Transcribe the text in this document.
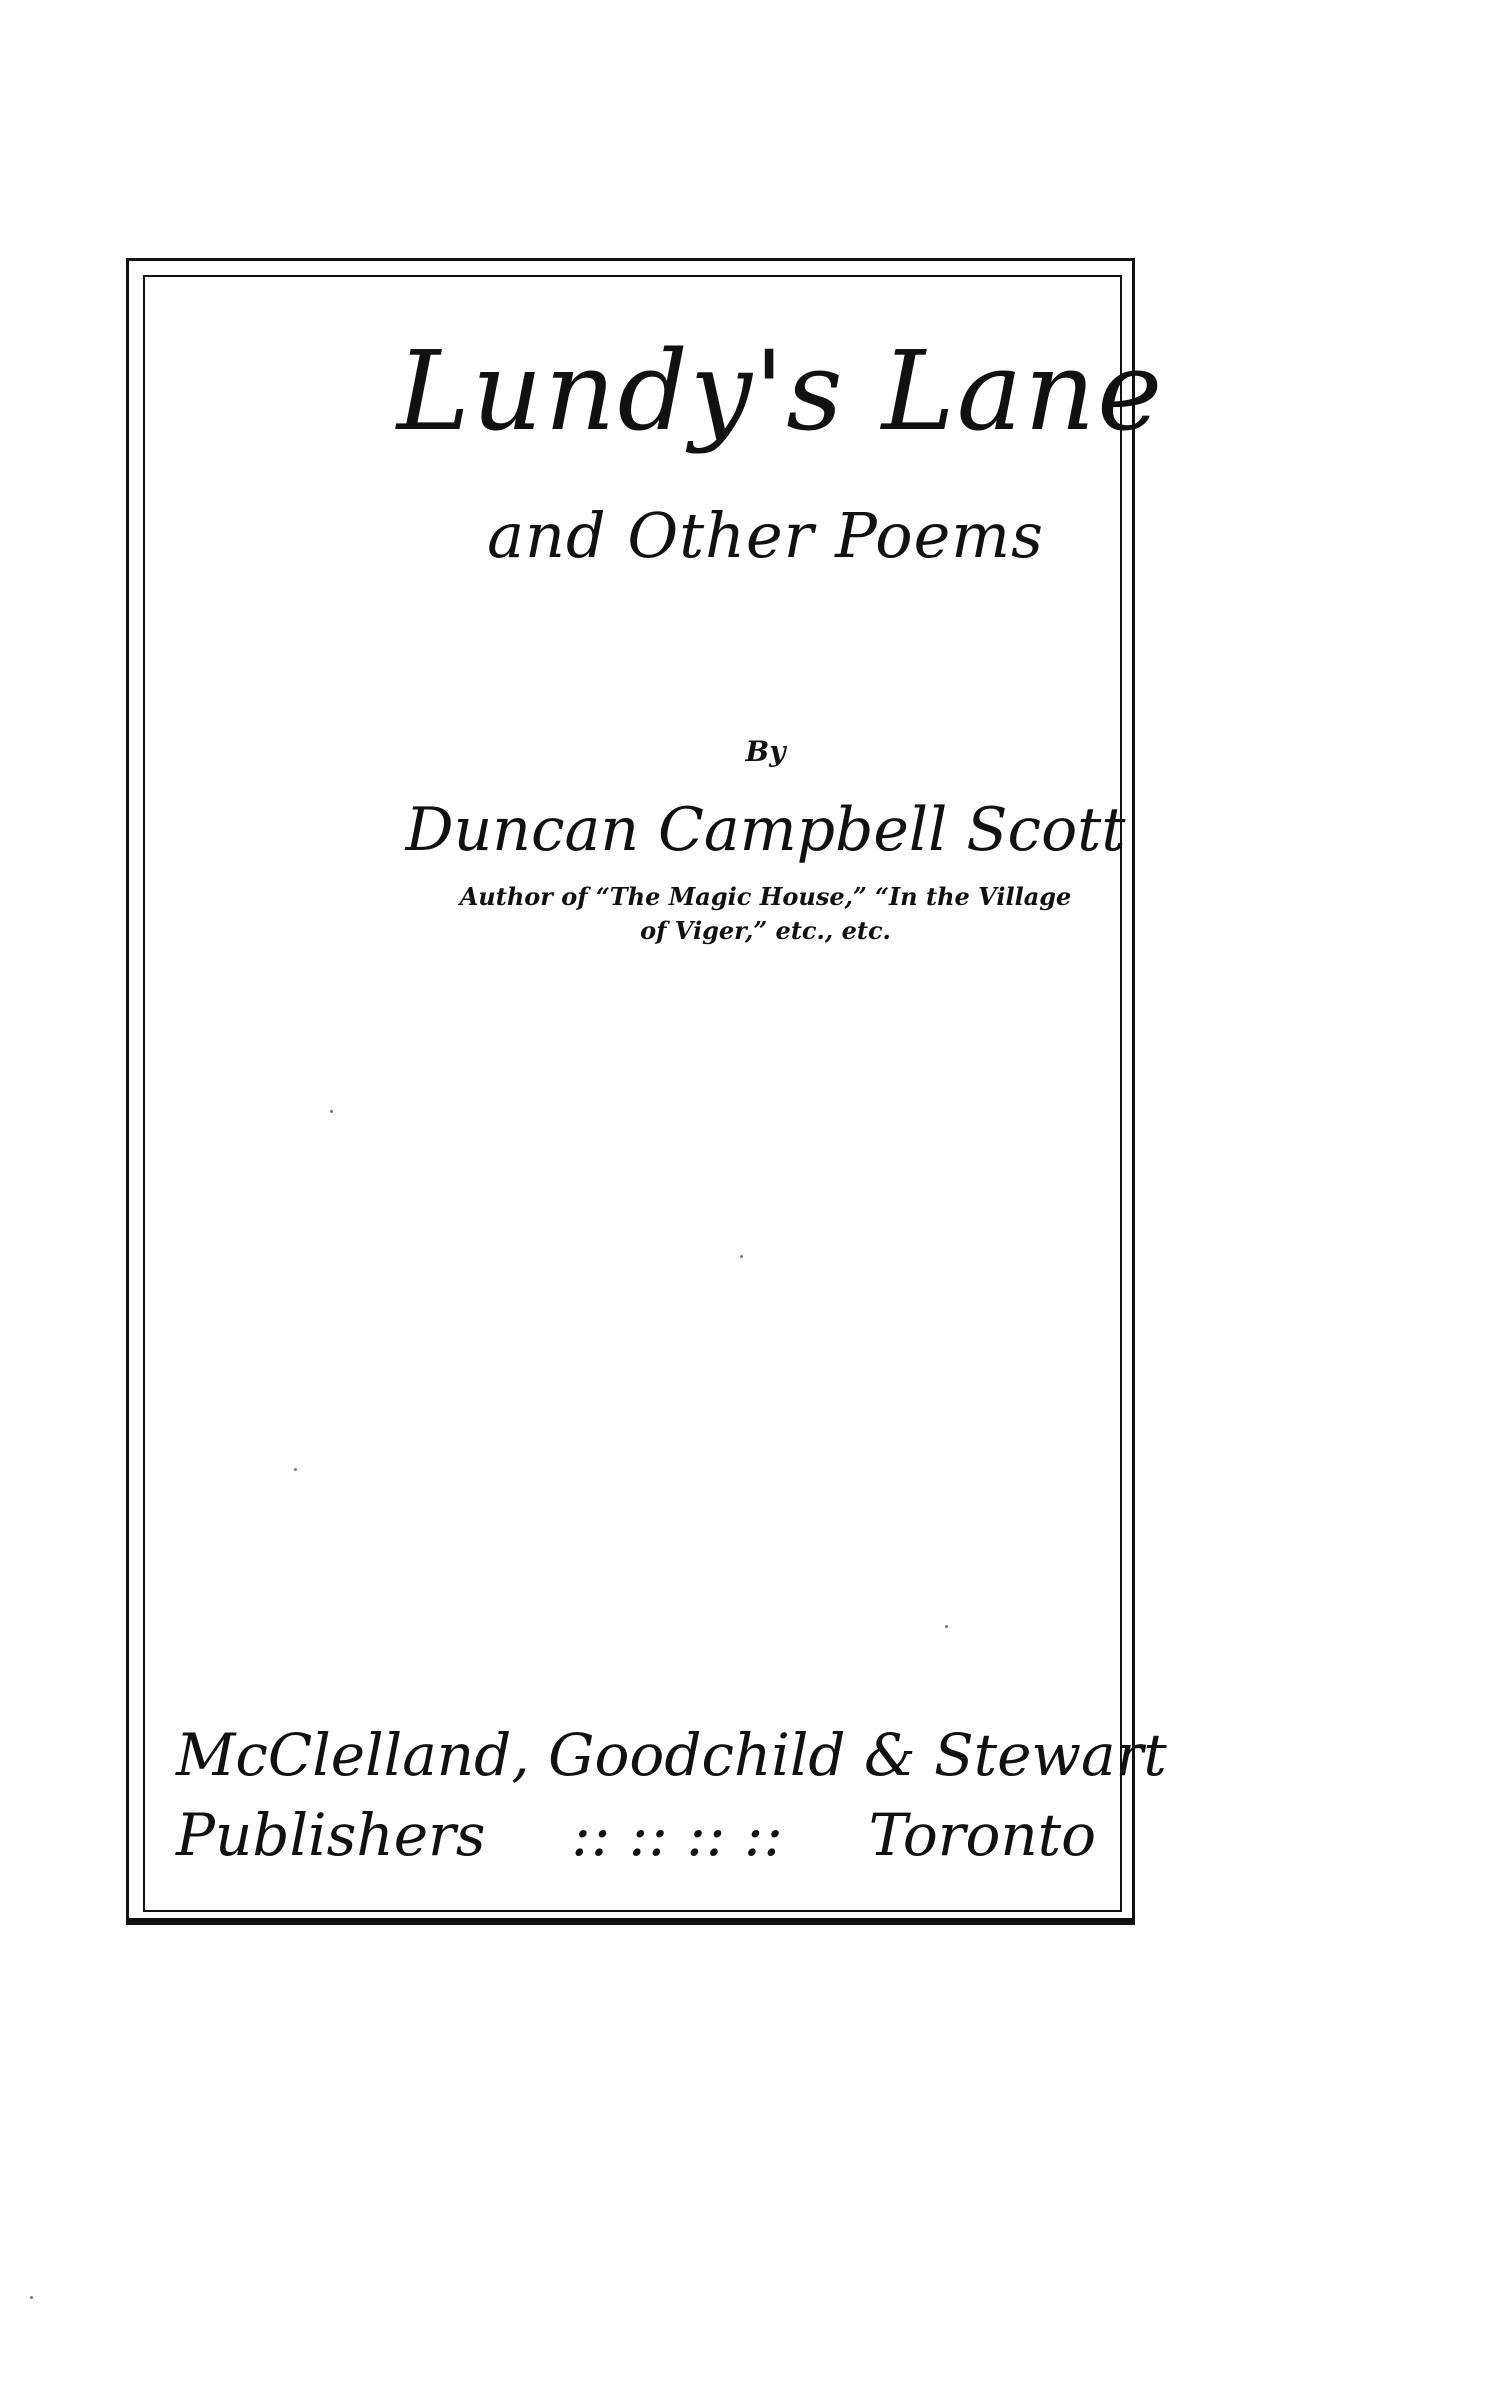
Lundy's Lane
and Other Poems
By
Duncan Campbell Scott
Author of “The Magic House,” “In the Village
of Viger,” etc., etc.
McClelland, Goodchild & Stewart
Publishers :: :: :: :: Toronto
